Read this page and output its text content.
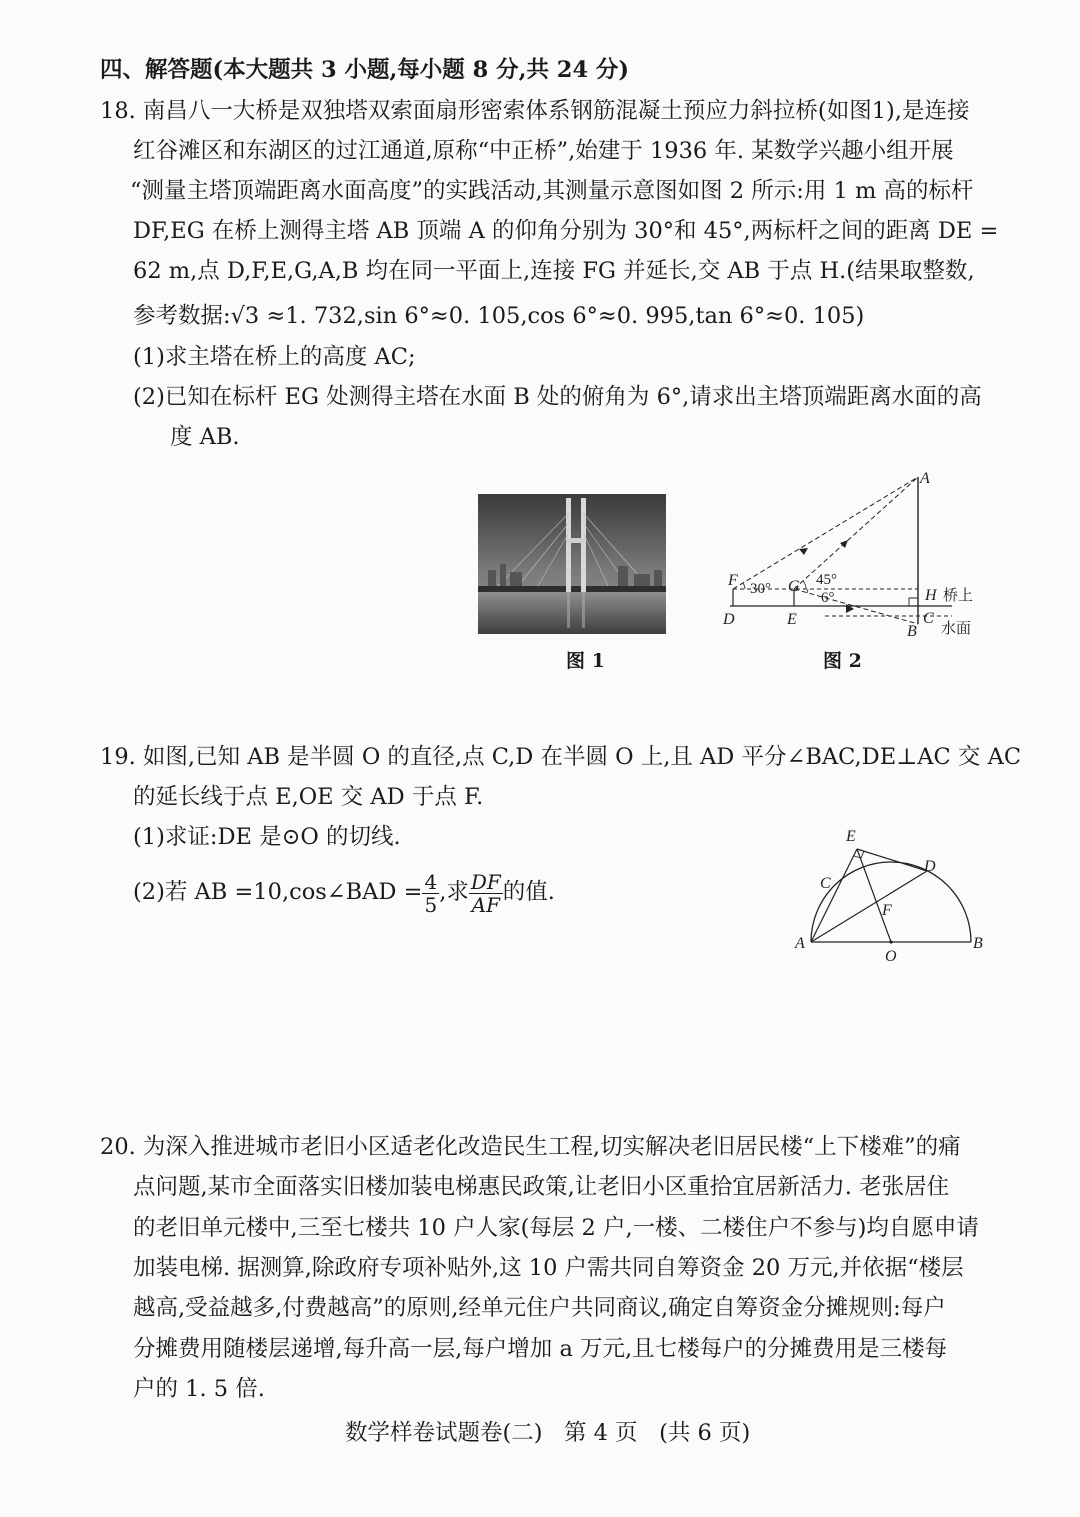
四、解答题(本大题共 3 小题,每小题 8 分,共 24 分)
18. 南昌八一大桥是双独塔双索面扇形密索体系钢筋混凝土预应力斜拉桥(如图1),是连接
红谷滩区和东湖区的过江通道,原称“中正桥”,始建于 1936 年. 某数学兴趣小组开展
“测量主塔顶端距离水面高度”的实践活动,其测量示意图如图 2 所示:用 1 m 高的标杆
DF,EG 在桥上测得主塔 AB 顶端 A 的仰角分别为 30°和 45°,两标杆之间的距离 DE =
62 m,点 D,F,E,G,A,B 均在同一平面上,连接 FG 并延长,交 AB 于点 H.(结果取整数,
参考数据:√3 ≈1. 732,sin 6°≈0. 105,cos 6°≈0. 995,tan 6°≈0. 105)
(1)求主塔在桥上的高度 AC;
(2)已知在标杆 EG 处测得主塔在水面 B 处的俯角为 6°,请求出主塔顶端距离水面的高
度 AB.
图 1
A
F 30° G 45°
6°	H 桥上
D	E
B
C
水面
图 2
19. 如图,已知 AB 是半圆 O 的直径,点 C,D 在半圆 O 上,且 AD 平分∠BAC,DE⊥AC 交 AC
的延长线于点 E,OE 交 AD 于点 F.
(1)求证:DE 是⊙O 的切线.
(2)若 AB =10,cos∠BAD = $\frac{4}{5}$ ,求 $\frac{DF}{AF}$ 的值.
E
D
C
F
A
O
B
20. 为深入推进城市老旧小区适老化改造民生工程,切实解决老旧居民楼“上下楼难”的痛
点问题,某市全面落实旧楼加装电梯惠民政策,让老旧小区重拾宜居新活力. 老张居住
的老旧单元楼中,三至七楼共 10 户人家(每层 2 户,一楼、二楼住户不参与)均自愿申请
加装电梯. 据测算,除政府专项补贴外,这 10 户需共同自筹资金 20 万元,并依据“楼层
越高,受益越多,付费越高”的原则,经单元住户共同商议,确定自筹资金分摊规则:每户
分摊费用随楼层递增,每升高一层,每户增加 a 万元,且七楼每户的分摊费用是三楼每
户的 1. 5 倍.
数学样卷试题卷(二)   第 4 页   (共 6 页)
